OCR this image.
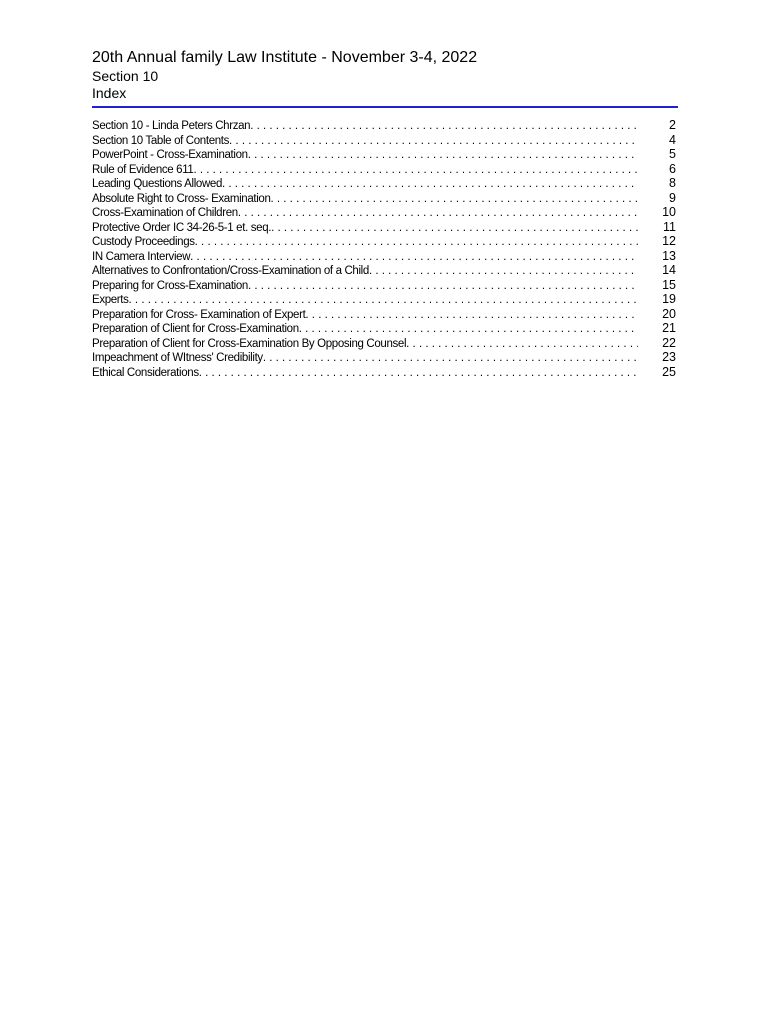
20th Annual family Law Institute - November 3-4, 2022
Section 10
Index
Section 10 - Linda Peters Chrzan . . .	2
Section 10 Table of Contents . . .	4
PowerPoint - Cross-Examination . . .	5
Rule of Evidence 611 . . .	6
Leading Questions Allowed . . .	8
Absolute Right to Cross- Examination . . .	9
Cross-Examination of Children . . .	10
Protective Order IC 34-26-5-1 et. seq. . . .	11
Custody Proceedings . . .	12
IN Camera Interview . . .	13
Alternatives to Confrontation/Cross-Examination of a Child . . .	14
Preparing for Cross-Examination . . .	15
Experts . . .	19
Preparation for Cross- Examination of Expert . . .	20
Preparation of Client for Cross-Examination . . .	21
Preparation of Client for Cross-Examination By Opposing Counsel . . .	22
Impeachment of WItness' Credibility . . .	23
Ethical Considerations . . .	25
